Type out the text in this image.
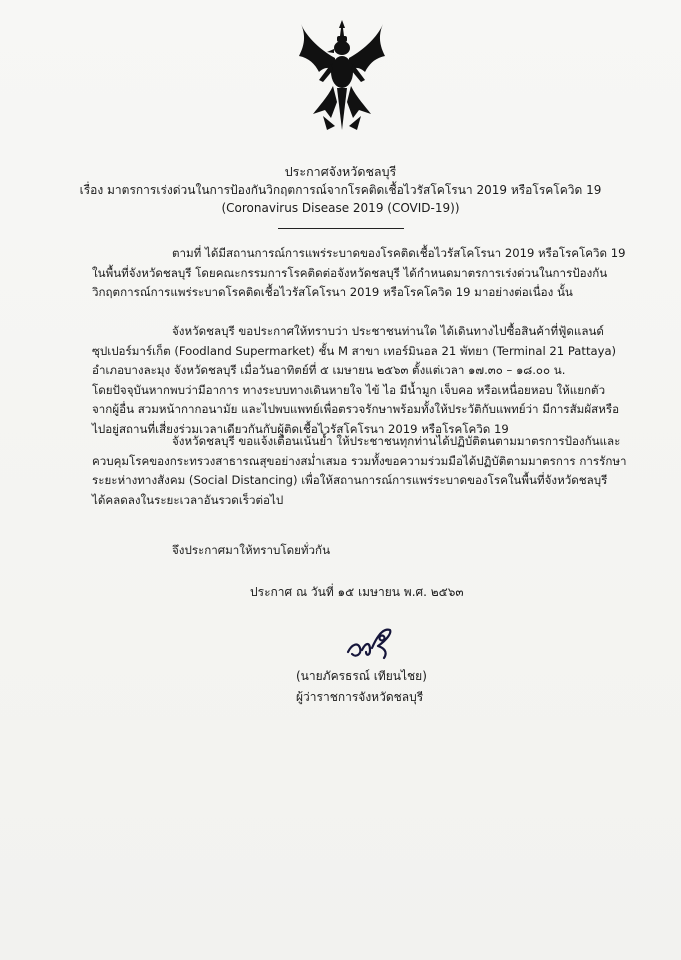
ประกาศจังหวัดชลบุรี
เรื่อง มาตรการเร่งด่วนในการป้องกันวิกฤตการณ์จากโรคติดเชื้อไวรัสโคโรนา 2019 หรือโรคโควิด 19
(Coronavirus Disease 2019 (COVID-19))

ตามที่ ได้มีสถานการณ์การแพร่ระบาดของโรคติดเชื้อไวรัสโคโรนา 2019 หรือโรคโควิด 19
ในพื้นที่จังหวัดชลบุรี โดยคณะกรรมการโรคติดต่อจังหวัดชลบุรี ได้กำหนดมาตรการเร่งด่วนในการป้องกัน
วิกฤตการณ์การแพร่ระบาดโรคติดเชื้อไวรัสโคโรนา 2019 หรือโรคโควิด 19 มาอย่างต่อเนื่อง นั้น

จังหวัดชลบุรี ขอประกาศให้ทราบว่า ประชาชนท่านใด ได้เดินทางไปซื้อสินค้าที่ฟู้ดแลนด์
ซุปเปอร์มาร์เก็ต (Foodland Supermarket) ชั้น M สาขา เทอร์มินอล 21 พัทยา (Terminal 21 Pattaya)
อำเภอบางละมุง จังหวัดชลบุรี เมื่อวันอาทิตย์ที่ ๕ เมษายน ๒๕๖๓ ตั้งแต่เวลา ๑๗.๓๐ – ๑๘.๐๐ น.
โดยปัจจุบันหากพบว่ามีอาการ ทางระบบทางเดินหายใจ ไข้ ไอ มีน้ำมูก เจ็บคอ หรือเหนื่อยหอบ ให้แยกตัว
จากผู้อื่น สวมหน้ากากอนามัย และไปพบแพทย์เพื่อตรวจรักษาพร้อมทั้งให้ประวัติกับแพทย์ว่า มีการสัมผัสหรือ
ไปอยู่สถานที่เสี่ยงร่วมเวลาเดียวกันกับผู้ติดเชื้อไวรัสโคโรนา 2019 หรือโรคโควิด 19

จังหวัดชลบุรี ขอแจ้งเตือนเน้นย้ำ ให้ประชาชนทุกท่านได้ปฏิบัติตนตามมาตรการป้องกันและ
ควบคุมโรคของกระทรวงสาธารณสุขอย่างสม่ำเสมอ รวมทั้งขอความร่วมมือได้ปฏิบัติตามมาตรการ การรักษา
ระยะห่างทางสังคม (Social Distancing) เพื่อให้สถานการณ์การแพร่ระบาดของโรคในพื้นที่จังหวัดชลบุรี
ได้คลดลงในระยะเวลาอันรวดเร็วต่อไป

จึงประกาศมาให้ทราบโดยทั่วกัน

ประกาศ ณ วันที่ ๑๕ เมษายน พ.ศ. ๒๕๖๓
(นายภัครธรณ์ เทียนไชย)
ผู้ว่าราชการจังหวัดชลบุรี
